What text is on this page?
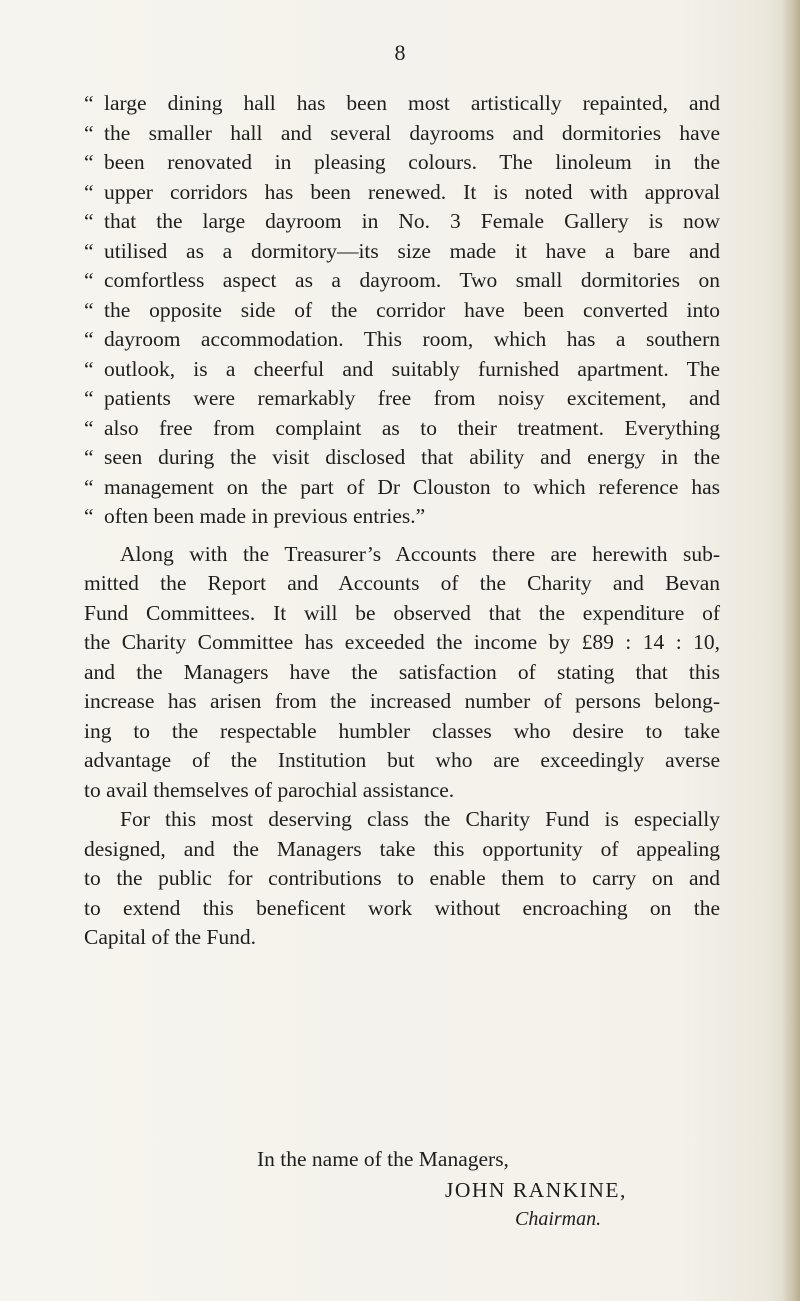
8
“ large dining hall has been most artistically repainted, and
“ the smaller hall and several dayrooms and dormitories have
“ been renovated in pleasing colours. The linoleum in the
“ upper corridors has been renewed. It is noted with approval
“ that the large dayroom in No. 3 Female Gallery is now
“ utilised as a dormitory—its size made it have a bare and
“ comfortless aspect as a dayroom. Two small dormitories on
“ the opposite side of the corridor have been converted into
“ dayroom accommodation. This room, which has a southern
“ outlook, is a cheerful and suitably furnished apartment. The
“ patients were remarkably free from noisy excitement, and
“ also free from complaint as to their treatment. Everything
“ seen during the visit disclosed that ability and energy in the
“ management on the part of Dr Clouston to which reference has
“ often been made in previous entries.”
Along with the Treasurer’s Accounts there are herewith sub-
mitted the Report and Accounts of the Charity and Bevan
Fund Committees. It will be observed that the expenditure of
the Charity Committee has exceeded the income by £89 : 14 : 10,
and the Managers have the satisfaction of stating that this
increase has arisen from the increased number of persons belong-
ing to the respectable humbler classes who desire to take
advantage of the Institution but who are exceedingly averse
to avail themselves of parochial assistance.
For this most deserving class the Charity Fund is especially
designed, and the Managers take this opportunity of appealing
to the public for contributions to enable them to carry on and
to extend this beneficent work without encroaching on the
Capital of the Fund.
In the name of the Managers,
JOHN RANKINE,
Chairman.
